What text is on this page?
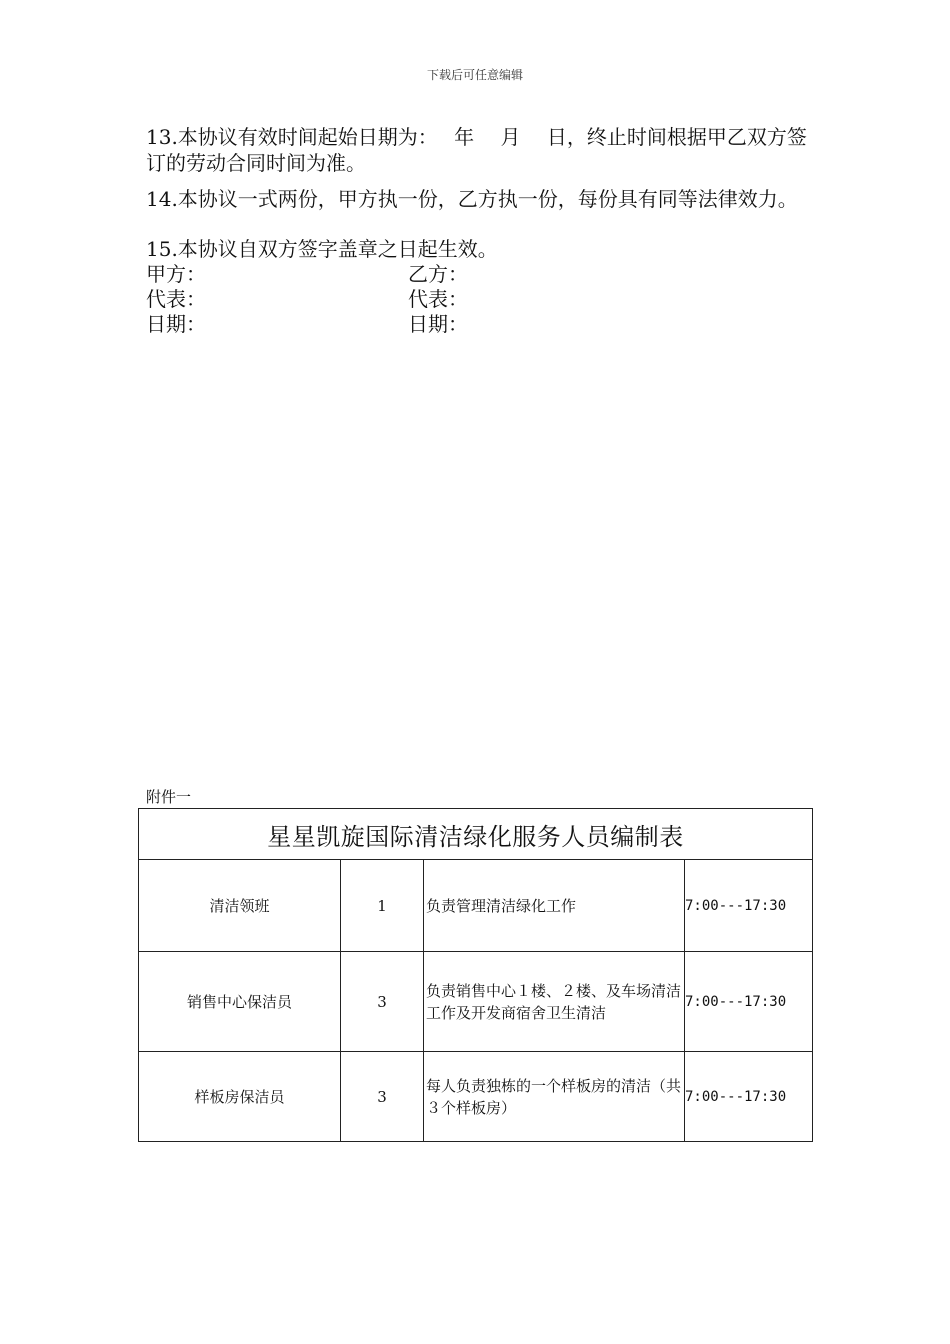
下载后可任意编辑
13.本协议有效时间起始日期为：　 年　 月　 日，终止时间根据甲乙双方签订的劳动合同时间为准。
14.本协议一式两份，甲方执一份，乙方执一份，每份具有同等法律效力。
15.本协议自双方签字盖章之日起生效。
甲方：	乙方：
代表：	代表：
日期：	日期：
附件一
星星凯旋国际清洁绿化服务人员编制表			
清洁领班	1	负责管理清洁绿化工作	7:00---17:30
销售中心保洁员	3	负责销售中心１楼、２楼、及车场清洁工作及开发商宿舍卫生清洁	7:00---17:30
样板房保洁员	3	每人负责独栋的一个样板房的清洁（共３个样板房）	7:00---17:30
